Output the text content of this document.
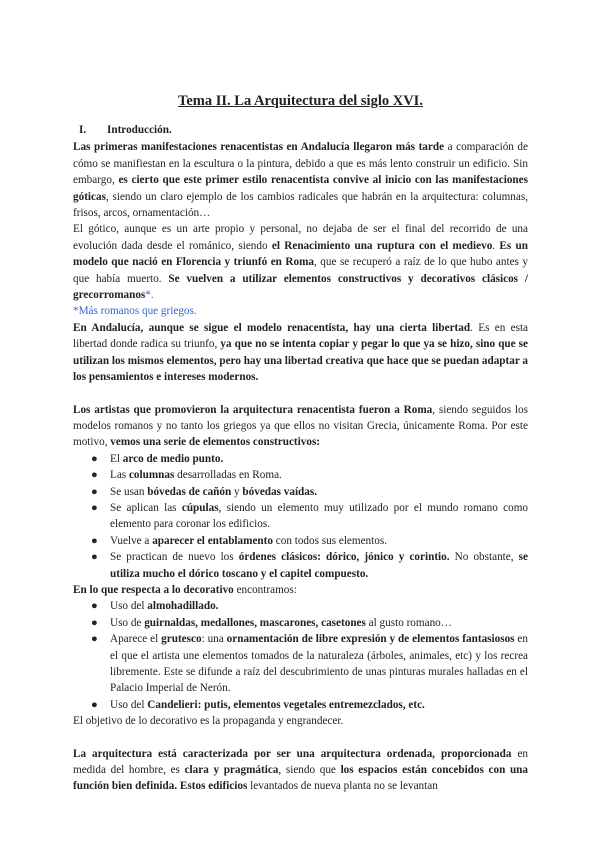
Tema II. La Arquitectura del siglo XVI.
I. Introducción.

Las primeras manifestaciones renacentistas en Andalucía llegaron más tarde a comparación de cómo se manifiestan en la escultura o la pintura, debido a que es más lento construir un edificio. Sin embargo, es cierto que este primer estilo renacentista convive al inicio con las manifestaciones góticas, siendo un claro ejemplo de los cambios radicales que habrán en la arquitectura: columnas, frisos, arcos, ornamentación…

El gótico, aunque es un arte propio y personal, no dejaba de ser el final del recorrido de una evolución dada desde el románico, siendo el Renacimiento una ruptura con el medievo. Es un modelo que nació en Florencia y triunfó en Roma, que se recuperó a raíz de lo que hubo antes y que había muerto. Se vuelven a utilizar elementos constructivos y decorativos clásicos / grecorromanos*.

*Más romanos que griegos.

En Andalucía, aunque se sigue el modelo renacentista, hay una cierta libertad. Es en esta libertad donde radica su triunfo, ya que no se intenta copiar y pegar lo que ya se hizo, sino que se utilizan los mismos elementos, pero hay una libertad creativa que hace que se puedan adaptar a los pensamientos e intereses modernos.

Los artistas que promovieron la arquitectura renacentista fueron a Roma, siendo seguidos los modelos romanos y no tanto los griegos ya que ellos no visitan Grecia, únicamente Roma. Por este motivo, vemos una serie de elementos constructivos:

● El arco de medio punto.
● Las columnas desarrolladas en Roma.
● Se usan bóvedas de cañón y bóvedas vaídas.
● Se aplican las cúpulas, siendo un elemento muy utilizado por el mundo romano como elemento para coronar los edificios.
● Vuelve a aparecer el entablamento con todos sus elementos.
● Se practican de nuevo los órdenes clásicos: dórico, jónico y corintio. No obstante, se utiliza mucho el dórico toscano y el capitel compuesto.

En lo que respecta a lo decorativo encontramos:

● Uso del almohadillado.
● Uso de guirnaldas, medallones, mascarones, casetones al gusto romano…
● Aparece el grutesco: una ornamentación de libre expresión y de elementos fantasiosos en el que el artista une elementos tomados de la naturaleza (árboles, animales, etc) y los recrea libremente. Este se difunde a raíz del descubrimiento de unas pinturas murales halladas en el Palacio Imperial de Nerón.
● Uso del Candelieri: putis, elementos vegetales entremezclados, etc.

El objetivo de lo decorativo es la propaganda y engrandecer.

La arquitectura está caracterizada por ser una arquitectura ordenada, proporcionada en medida del hombre, es clara y pragmática, siendo que los espacios están concebidos con una función bien definida. Estos edificios levantados de nueva planta no se levantan
